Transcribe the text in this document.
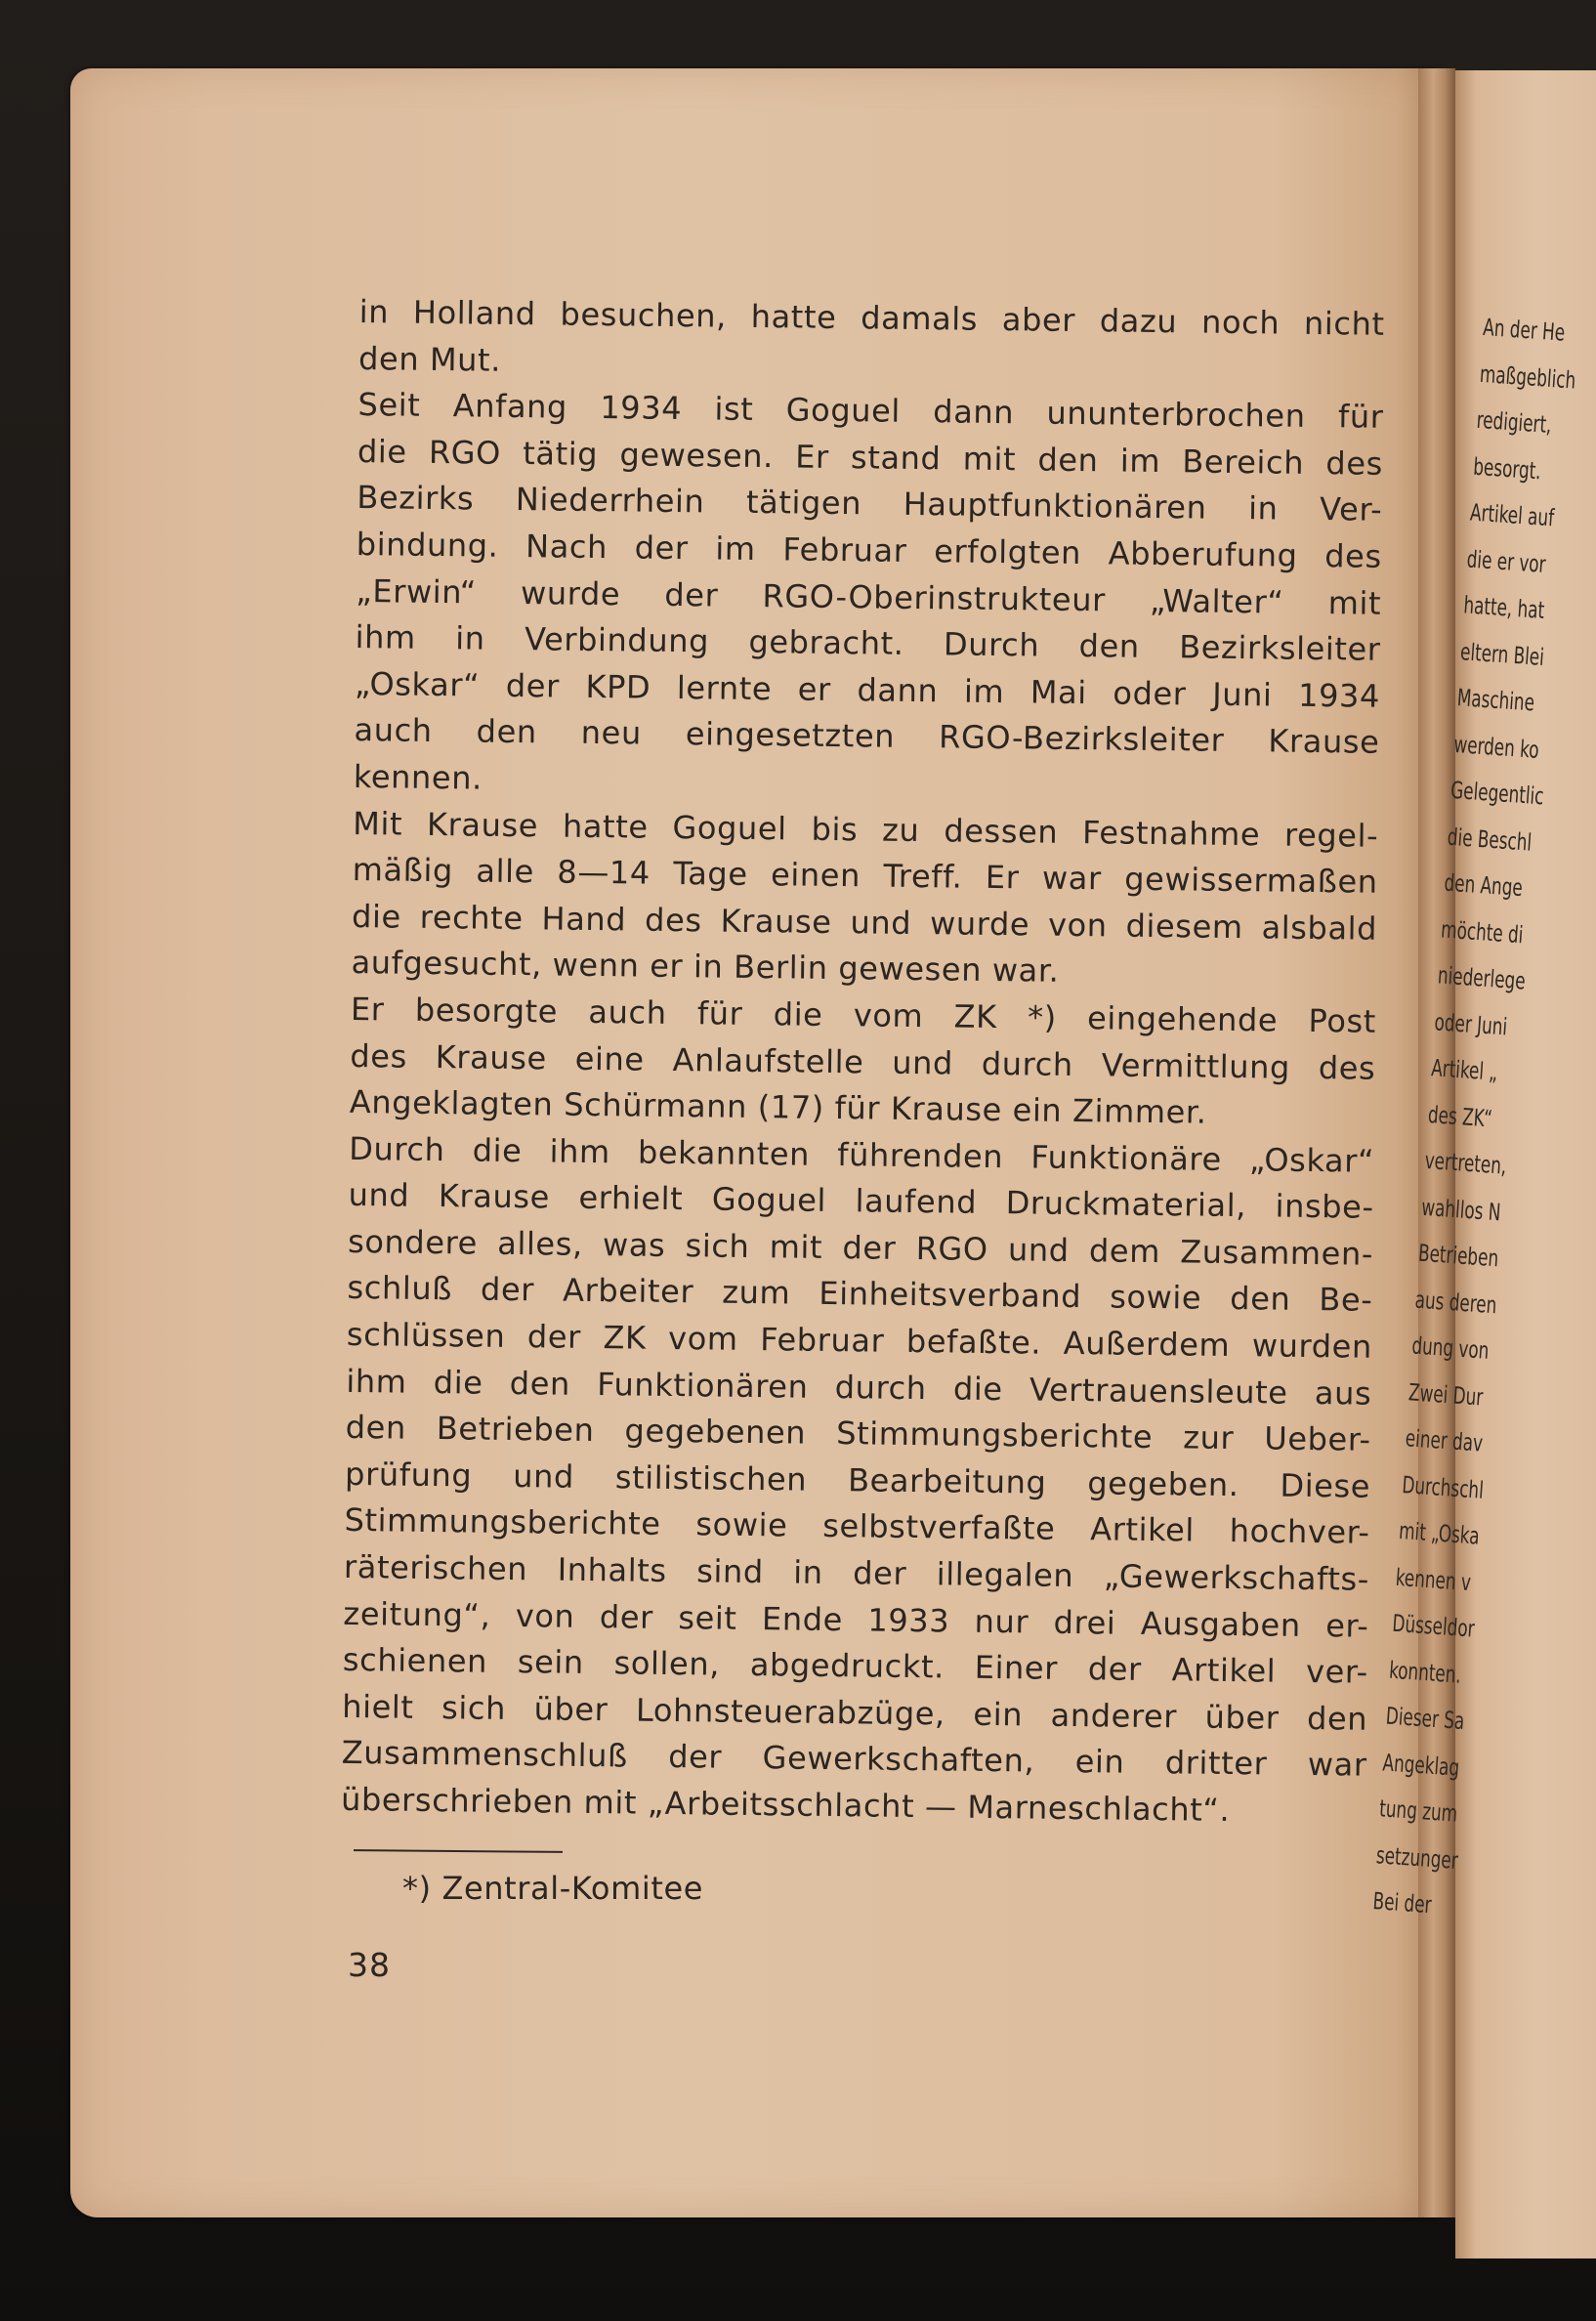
in Holland besuchen, hatte damals aber dazu noch nicht
den Mut.
Seit Anfang 1934 ist Goguel dann ununterbrochen für
die RGO tätig gewesen. Er stand mit den im Bereich des
Bezirks Niederrhein tätigen Hauptfunktionären in Ver-
bindung. Nach der im Februar erfolgten Abberufung des
„Erwin“ wurde der RGO-Oberinstrukteur „Walter“ mit
ihm in Verbindung gebracht. Durch den Bezirksleiter
„Oskar“ der KPD lernte er dann im Mai oder Juni 1934
auch den neu eingesetzten RGO-Bezirksleiter Krause
kennen.
Mit Krause hatte Goguel bis zu dessen Festnahme regel-
mäßig alle 8—14 Tage einen Treff. Er war gewissermaßen
die rechte Hand des Krause und wurde von diesem alsbald
aufgesucht, wenn er in Berlin gewesen war.
Er besorgte auch für die vom ZK *) eingehende Post
des Krause eine Anlaufstelle und durch Vermittlung des
Angeklagten Schürmann (17) für Krause ein Zimmer.
Durch die ihm bekannten führenden Funktionäre „Oskar“
und Krause erhielt Goguel laufend Druckmaterial, insbe-
sondere alles, was sich mit der RGO und dem Zusammen-
schluß der Arbeiter zum Einheitsverband sowie den Be-
schlüssen der ZK vom Februar befaßte. Außerdem wurden
ihm die den Funktionären durch die Vertrauensleute aus
den Betrieben gegebenen Stimmungsberichte zur Ueber-
prüfung und stilistischen Bearbeitung gegeben. Diese
Stimmungsberichte sowie selbstverfaßte Artikel hochver-
räterischen Inhalts sind in der illegalen „Gewerkschafts-
zeitung“, von der seit Ende 1933 nur drei Ausgaben er-
schienen sein sollen, abgedruckt. Einer der Artikel ver-
hielt sich über Lohnsteuerabzüge, ein anderer über den
Zusammenschluß der Gewerkschaften, ein dritter war
überschrieben mit „Arbeitsschlacht — Marneschlacht“.
*) Zentral-Komitee
38
An der He
maßgeblich
redigiert,
besorgt.
Artikel auf
die er vor
hatte, hat
eltern Blei
Maschine
werden ko
Gelegentlic
die Beschl
den Ange
möchte di
niederlege
oder Juni
Artikel „
des ZK“
vertreten,
wahllos N
Betrieben
aus deren
dung von
Zwei Dur
einer dav
Durchschl
mit „Oska
kennen v
Düsseldor
konnten.
Dieser Sa
Angeklag
tung zum
setzunger
Bei der
